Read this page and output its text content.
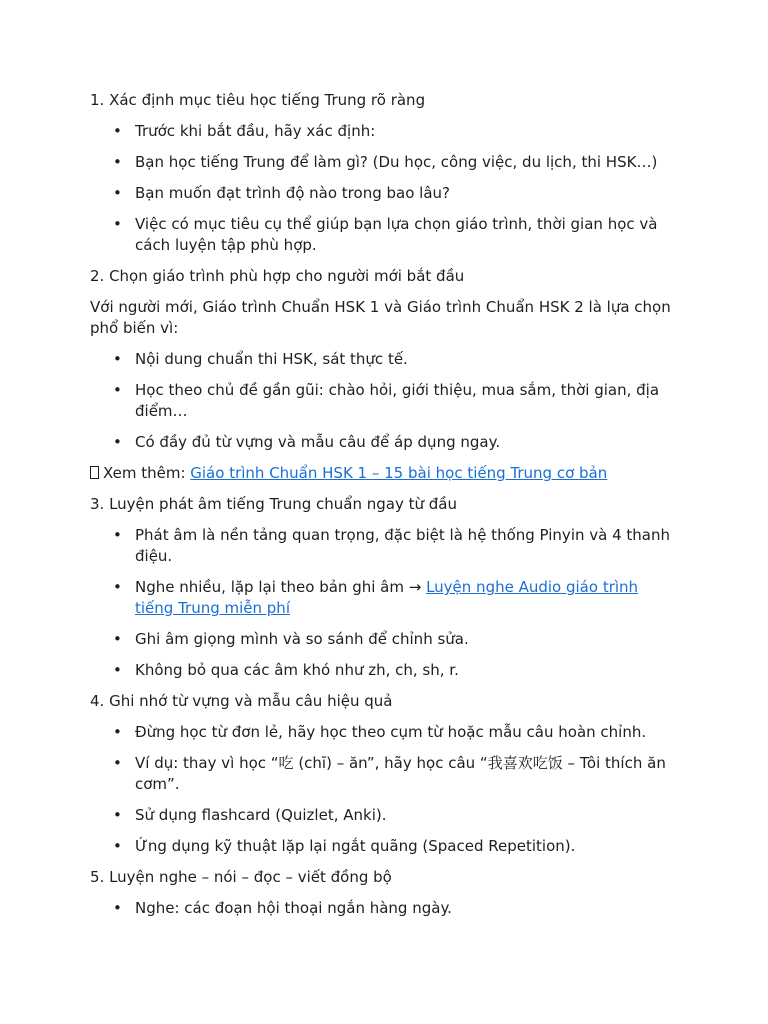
1. Xác định mục tiêu học tiếng Trung rõ ràng

• Trước khi bắt đầu, hãy xác định:
• Bạn học tiếng Trung để làm gì? (Du học, công việc, du lịch, thi HSK…)
• Bạn muốn đạt trình độ nào trong bao lâu?
• Việc có mục tiêu cụ thể giúp bạn lựa chọn giáo trình, thời gian học và cách luyện tập phù hợp.

2. Chọn giáo trình phù hợp cho người mới bắt đầu

Với người mới, Giáo trình Chuẩn HSK 1 và Giáo trình Chuẩn HSK 2 là lựa chọn phổ biến vì:

• Nội dung chuẩn thi HSK, sát thực tế.
• Học theo chủ đề gần gũi: chào hỏi, giới thiệu, mua sắm, thời gian, địa điểm…
• Có đầy đủ từ vựng và mẫu câu để áp dụng ngay.

Xem thêm: Giáo trình Chuẩn HSK 1 – 15 bài học tiếng Trung cơ bản

3. Luyện phát âm tiếng Trung chuẩn ngay từ đầu

• Phát âm là nền tảng quan trọng, đặc biệt là hệ thống Pinyin và 4 thanh điệu.
• Nghe nhiều, lặp lại theo bản ghi âm → Luyện nghe Audio giáo trình tiếng Trung miễn phí
• Ghi âm giọng mình và so sánh để chỉnh sửa.
• Không bỏ qua các âm khó như zh, ch, sh, r.

4. Ghi nhớ từ vựng và mẫu câu hiệu quả

• Đừng học từ đơn lẻ, hãy học theo cụm từ hoặc mẫu câu hoàn chỉnh.
• Ví dụ: thay vì học “吃 (chī) – ăn”, hãy học câu “我喜欢吃饭 – Tôi thích ăn cơm”.
• Sử dụng flashcard (Quizlet, Anki).
• Ứng dụng kỹ thuật lặp lại ngắt quãng (Spaced Repetition).

5. Luyện nghe – nói – đọc – viết đồng bộ

• Nghe: các đoạn hội thoại ngắn hàng ngày.
